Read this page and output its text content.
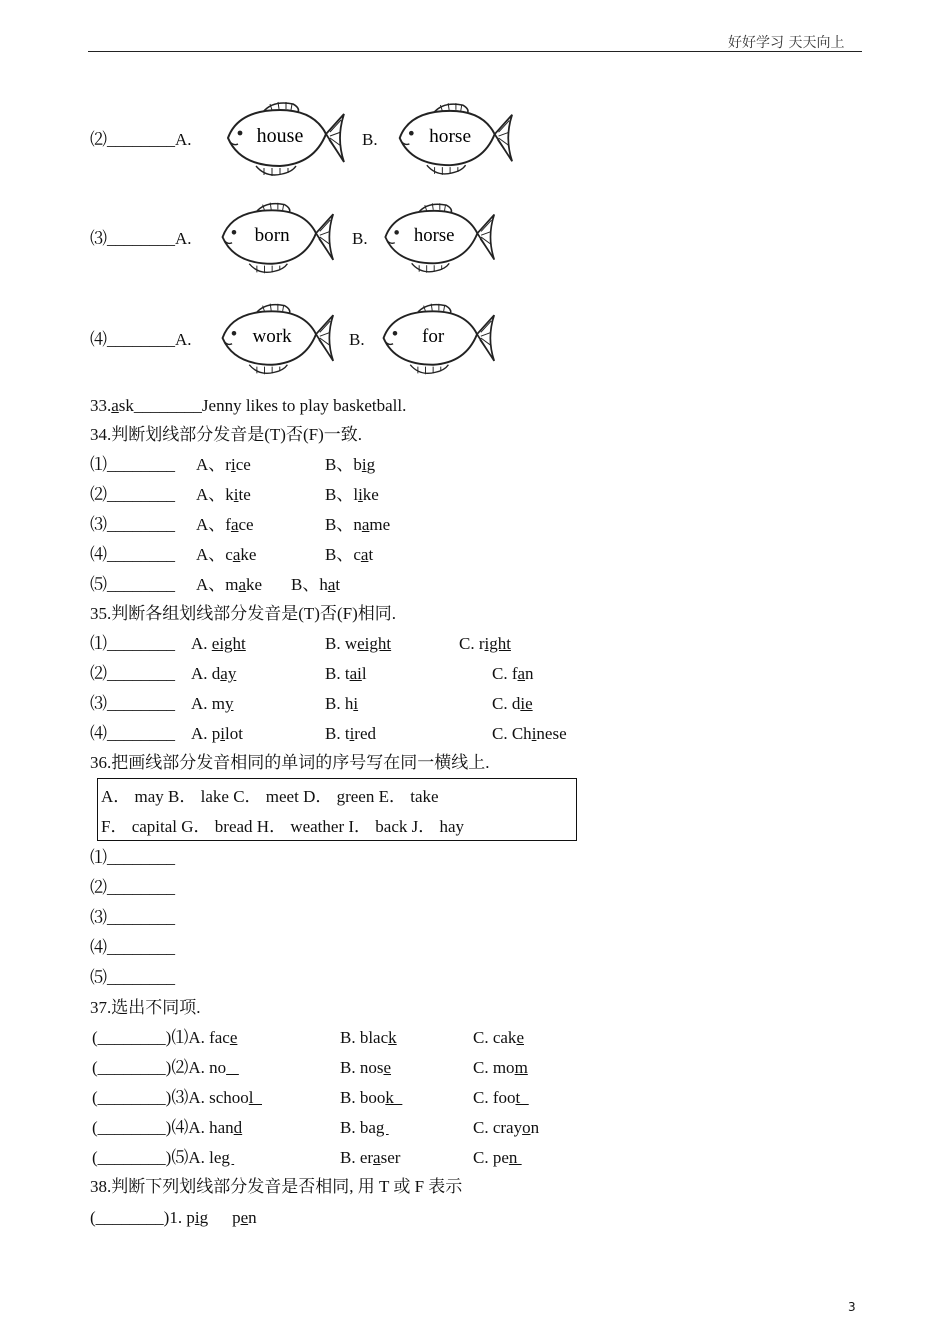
好好学习 天天向上
⑵________A.	B.
house	horse
⑶________A.	B.
born	horse
⑷________A.	B.
work	for
33.ask________Jenny likes to play basketball.
34.判断划线部分发音是(T)否(F)一致.
⑴________ A、rice	B、big
⑵________ A、kite	B、like
⑶________ A、face	B、name
⑷________ A、cake	B、cat
⑸________ A、make B、hat
35.判断各组划线部分发音是(T)否(F)相同.
⑴________ A. eight	B. weight	C. right
⑵________ A. day	B. tail	C. fan
⑶________ A. my	B. hi	C. die
⑷________ A. pilot	B. tired	C. Chinese
36.把画线部分发音相同的单词的序号写在同一横线上.
A． may B． lake C． meet D． green E． take
F． capital G． bread H． weather I． back J． hay
⑴________
⑵________
⑶________
⑷________
⑸________
37.选出不同项.
(________)⑴A. face	B. black	C. cake
(________)⑵A. no	B. nose	C. mom
(________)⑶A. school	B. book	C. foot
(________)⑷A. hand	B. bag	C. crayon
(________)⑸A. leg	B. eraser	C. pen
38.判断下列划线部分发音是否相同, 用 T 或 F 表示
(________)1. pig pen
3
